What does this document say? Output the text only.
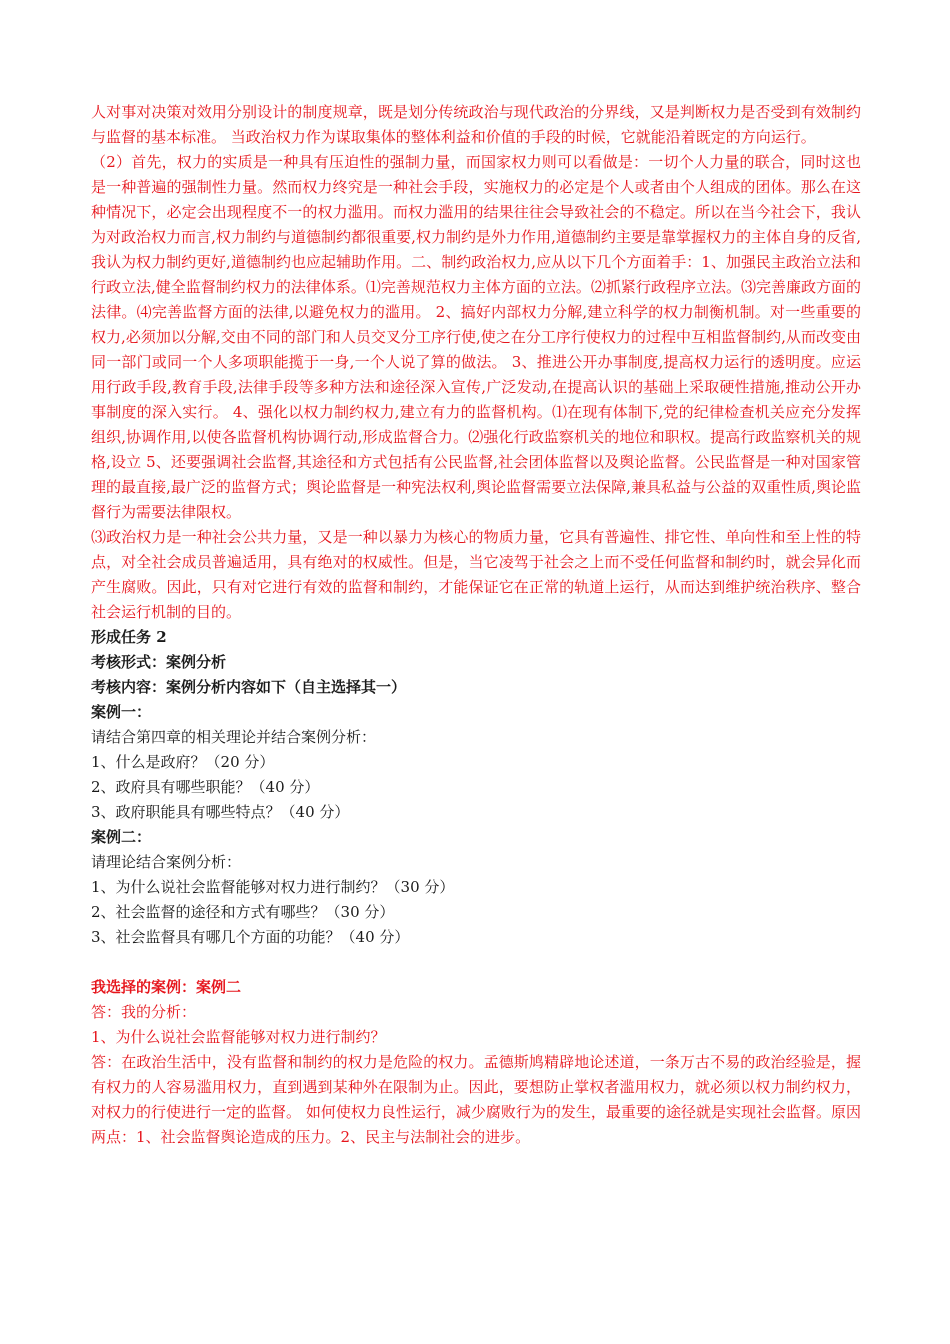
人对事对决策对效用分别设计的制度规章，既是划分传统政治与现代政治的分界线，又是判断权力是否受到有效制约与监督的基本标准。 当政治权力作为谋取集体的整体利益和价值的手段的时候，它就能沿着既定的方向运行。

（2）首先，权力的实质是一种具有压迫性的强制力量，而国家权力则可以看做是：一切个人力量的联合，同时这也是一种普遍的强制性力量。然而权力终究是一种社会手段，实施权力的必定是个人或者由个人组成的团体。那么在这种情况下，必定会出现程度不一的权力滥用。而权力滥用的结果往往会导致社会的不稳定。所以在当今社会下，我认为对政治权力而言,权力制约与道德制约都很重要,权力制约是外力作用,道德制约主要是靠掌握权力的主体自身的反省,我认为权力制约更好,道德制约也应起辅助作用。二、制约政治权力,应从以下几个方面着手：1、加强民主政治立法和行政立法,健全监督制约权力的法律体系。⑴完善规范权力主体方面的立法。⑵抓紧行政程序立法。⑶完善廉政方面的法律。⑷完善监督方面的法律,以避免权力的滥用。 2、搞好内部权力分解,建立科学的权力制衡机制。对一些重要的权力,必须加以分解,交由不同的部门和人员交叉分工序行使,使之在分工序行使权力的过程中互相监督制约,从而改变由同一部门或同一个人多项职能揽于一身,一个人说了算的做法。 3、推进公开办事制度,提高权力运行的透明度。应运用行政手段,教育手段,法律手段等多种方法和途径深入宣传,广泛发动,在提高认识的基础上采取硬性措施,推动公开办事制度的深入实行。 4、强化以权力制约权力,建立有力的监督机构。⑴在现有体制下,党的纪律检查机关应充分发挥组织,协调作用,以使各监督机构协调行动,形成监督合力。⑵强化行政监察机关的地位和职权。提高行政监察机关的规格,设立 5、还要强调社会监督,其途径和方式包括有公民监督,社会团体监督以及舆论监督。公民监督是一种对国家管理的最直接,最广泛的监督方式；舆论监督是一种宪法权利,舆论监督需要立法保障,兼具私益与公益的双重性质,舆论监督行为需要法律限权。

⑶政治权力是一种社会公共力量，又是一种以暴力为核心的物质力量，它具有普遍性、排它性、单向性和至上性的特点，对全社会成员普遍适用，具有绝对的权威性。但是，当它凌驾于社会之上而不受任何监督和制约时，就会异化而产生腐败。因此，只有对它进行有效的监督和制约，才能保证它在正常的轨道上运行，从而达到维护统治秩序、整合社会运行机制的目的。

形成任务 2

考核形式：案例分析

考核内容：案例分析内容如下（自主选择其一）

案例一：

请结合第四章的相关理论并结合案例分析：

1、什么是政府？（20 分）

2、政府具有哪些职能？（40 分）

3、政府职能具有哪些特点？（40 分）

案例二：

请理论结合案例分析：

1、为什么说社会监督能够对权力进行制约？（30 分）

2、社会监督的途径和方式有哪些？（30 分）

3、社会监督具有哪几个方面的功能？（40 分）

我选择的案例：案例二

答：我的分析：

1、为什么说社会监督能够对权力进行制约？

答：在政治生活中，没有监督和制约的权力是危险的权力。孟德斯鸠精辟地论述道，一条万古不易的政治经验是，握有权力的人容易滥用权力，直到遇到某种外在限制为止。因此，要想防止掌权者滥用权力，就必须以权力制约权力，对权力的行使进行一定的监督。 如何使权力良性运行，减少腐败行为的发生，最重要的途径就是实现社会监督。原因两点：1、社会监督舆论造成的压力。2、民主与法制社会的进步。
